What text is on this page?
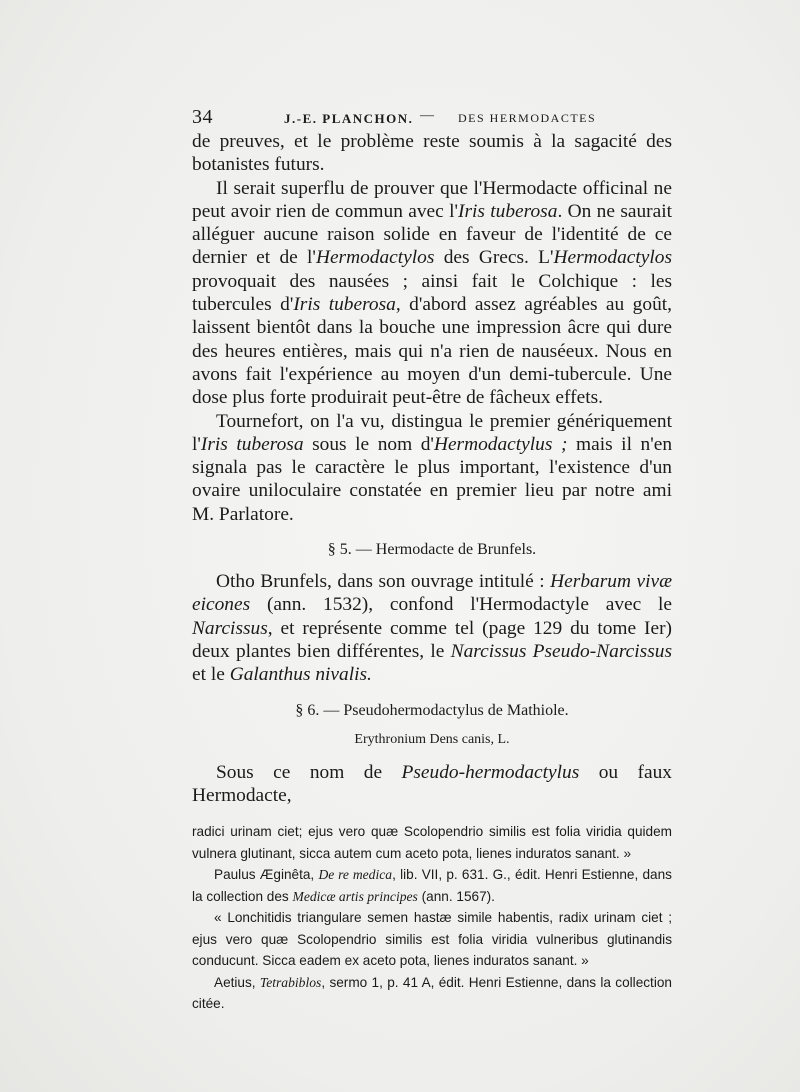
34	J.-E. PLANCHON. — DES HERMODACTES

de preuves, et le problème reste soumis à la sagacité des botanistes futurs.

Il serait superflu de prouver que l'Hermodacte officinal ne peut avoir rien de commun avec l'Iris tuberosa. On ne saurait alléguer aucune raison solide en faveur de l'identité de ce dernier et de l'Hermodactylos des Grecs. L'Hermodactylos provoquait des nausées ; ainsi fait le Colchique : les tubercules d'Iris tuberosa, d'abord assez agréables au goût, laissent bientôt dans la bouche une impression âcre qui dure des heures entières, mais qui n'a rien de nauséeux. Nous en avons fait l'expérience au moyen d'un demi-tubercule. Une dose plus forte produirait peut-être de fâcheux effets.

Tournefort, on l'a vu, distingua le premier génériquement l'Iris tuberosa sous le nom d'Hermodactylus ; mais il n'en signala pas le caractère le plus important, l'existence d'un ovaire uniloculaire constatée en premier lieu par notre ami M. Parlatore.

§ 5. — Hermodacte de Brunfels.

Otho Brunfels, dans son ouvrage intitulé : Herbarum vivæ eicones (ann. 1532), confond l'Hermodactyle avec le Narcissus, et représente comme tel (page 129 du tome Ier) deux plantes bien différentes, le Narcissus Pseudo-Narcissus et le Galanthus nivalis.

§ 6. — Pseudohermodactylus de Mathiole.
Erythronium Dens canis, L.

Sous ce nom de Pseudo-hermodactylus ou faux Hermodacte,

radici urinam ciet; ejus vero quæ Scolopendrio similis est folia viridia quidem vulnera glutinant, sicca autem cum aceto pota, lienes induratos sanant. »

Paulus Æginêta, De re medica, lib. VII, p. 631. G., édit. Henri Estienne, dans la collection des Medicæ artis principes (ann. 1567).

« Lonchitidis triangulare semen hastæ simile habentis, radix urinam ciet ; ejus vero quæ Scolopendrio similis est folia viridia vulneribus glutinandis conducunt. Sicca eadem ex aceto pota, lienes induratos sanant. »

Aetius, Tetrabiblos, sermo 1, p. 41 A, édit. Henri Estienne, dans la collection citée.
